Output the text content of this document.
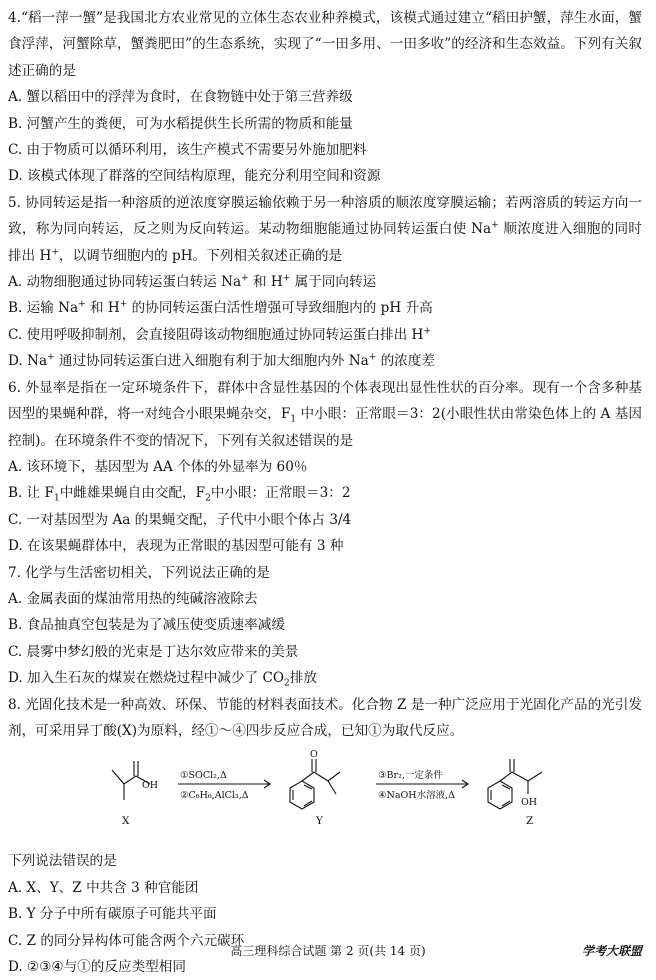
4.“稻一萍一蟹”是我国北方农业常见的立体生态农业种养模式，该模式通过建立“稻田护蟹，萍生水面，蟹食浮萍，河蟹除草，蟹粪肥田”的生态系统，实现了“一田多用、一田多收”的经济和生态效益。下列有关叙述正确的是
A. 蟹以稻田中的浮萍为食时，在食物链中处于第三营养级
B. 河蟹产生的粪便，可为水稻提供生长所需的物质和能量
C. 由于物质可以循环利用，该生产模式不需要另外施加肥料
D. 该模式体现了群落的空间结构原理，能充分利用空间和资源
5. 协同转运是指一种溶质的逆浓度穿膜运输依赖于另一种溶质的顺浓度穿膜运输；若两溶质的转运方向一致，称为同向转运，反之则为反向转运。某动物细胞能通过协同转运蛋白使 Na+ 顺浓度进入细胞的同时排出 H+，以调节细胞内的 pH。下列相关叙述正确的是
A. 动物细胞通过协同转运蛋白转运 Na+ 和 H+ 属于同向转运
B. 运输 Na+ 和 H+ 的协同转运蛋白活性增强可导致细胞内的 pH 升高
C. 使用呼吸抑制剂，会直接阻碍该动物细胞通过协同转运蛋白排出 H+
D. Na+ 通过协同转运蛋白进入细胞有利于加大细胞内外 Na+ 的浓度差
6. 外显率是指在一定环境条件下，群体中含显性基因的个体表现出显性性状的百分率。现有一个含多种基因型的果蝇种群，将一对纯合小眼果蝇杂交，$F_1$ 中小眼：正常眼＝3：2(小眼性状由常染色体上的 A 基因控制)。在环境条件不变的情况下，下列有关叙述错误的是
A. 该环境下，基因型为 AA 个体的外显率为 60％
B. 让 $F_1$中雌雄果蝇自由交配，$F_2$中小眼：正常眼＝3：2
C. 一对基因型为 Aa 的果蝇交配，子代中小眼个体占 3/4
D. 在该果蝇群体中，表现为正常眼的基因型可能有 3 种
7. 化学与生活密切相关，下列说法正确的是
A. 金属表面的煤油常用热的纯碱溶液除去
B. 食品抽真空包装是为了减压使变质速率减缓
C. 晨雾中梦幻般的光束是丁达尔效应带来的美景
D. 加入生石灰的煤炭在燃烧过程中减少了 $CO_2$排放
8. 光固化技术是一种高效、环保、节能的材料表面技术。化合物 Z 是一种广泛应用于光固化产品的光引发剂，可采用异丁酸(X)为原料，经①～④四步反应合成，已知①为取代反应。
OH
①SOCl₂,Δ
②C₆H₆,AlCl₃,Δ
O
③Br₂,一定条件
④NaOH水溶液,Δ
OH
X	Y	Z
下列说法错误的是
A. X、Y、Z 中共含 3 种官能团
B. Y 分子中所有碳原子可能共平面
C. Z 的同分异构体可能含两个六元碳环
D. ②③④与①的反应类型相同
高三理科综合试题 第 2 页(共 14 页)	学考大联盟
